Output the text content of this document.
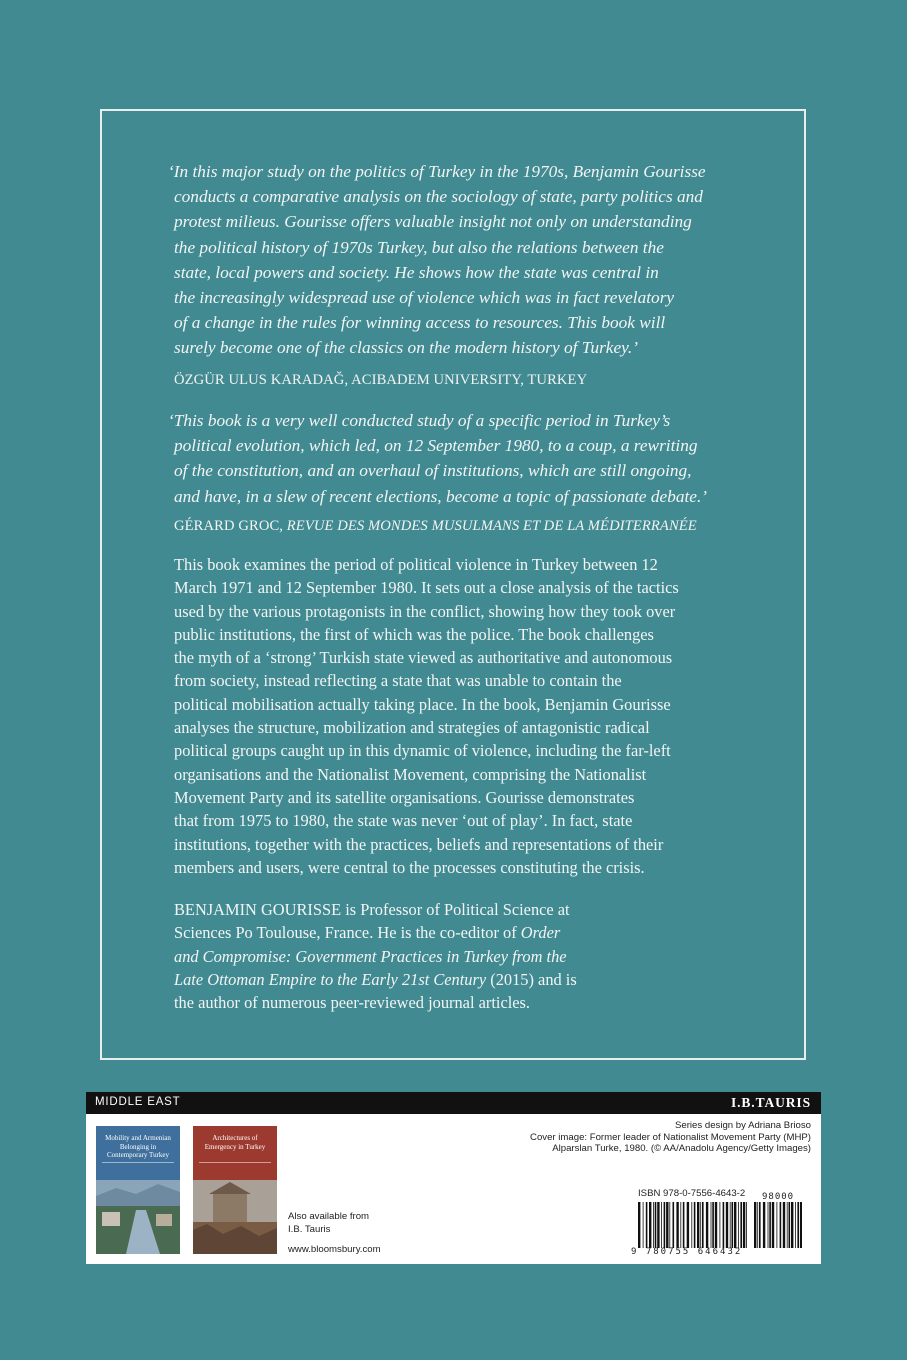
‘In this major study on the politics of Turkey in the 1970s, Benjamin Gourisse
conducts a comparative analysis on the sociology of state, party politics and
protest milieus. Gourisse offers valuable insight not only on understanding
the political history of 1970s Turkey, but also the relations between the
state, local powers and society. He shows how the state was central in
the increasingly widespread use of violence which was in fact revelatory
of a change in the rules for winning access to resources. This book will
surely become one of the classics on the modern history of Turkey.’
ÖZGÜR ULUS KARADAĞ, ACIBADEM UNIVERSITY, TURKEY
‘This book is a very well conducted study of a specific period in Turkey’s
political evolution, which led, on 12 September 1980, to a coup, a rewriting
of the constitution, and an overhaul of institutions, which are still ongoing,
and have, in a slew of recent elections, become a topic of passionate debate.’
GÉRARD GROC, REVUE DES MONDES MUSULMANS ET DE LA MÉDITERRANÉE
This book examines the period of political violence in Turkey between 12
March 1971 and 12 September 1980. It sets out a close analysis of the tactics
used by the various protagonists in the conflict, showing how they took over
public institutions, the first of which was the police. The book challenges
the myth of a ‘strong’ Turkish state viewed as authoritative and autonomous
from society, instead reflecting a state that was unable to contain the
political mobilisation actually taking place. In the book, Benjamin Gourisse
analyses the structure, mobilization and strategies of antagonistic radical
political groups caught up in this dynamic of violence, including the far-left
organisations and the Nationalist Movement, comprising the Nationalist
Movement Party and its satellite organisations. Gourisse demonstrates
that from 1975 to 1980, the state was never ‘out of play’. In fact, state
institutions, together with the practices, beliefs and representations of their
members and users, were central to the processes constituting the crisis.
BENJAMIN GOURISSE is Professor of Political Science at
Sciences Po Toulouse, France. He is the co-editor of Order
and Compromise: Government Practices in Turkey from the
Late Ottoman Empire to the Early 21st Century (2015) and is
the author of numerous peer-reviewed journal articles.
MIDDLE EAST	I.B.TAURIS
Mobility and Armenian Belonging in Contemporary Turkey
Architectures of Emergency in Turkey
Series design by Adriana Brioso
Cover image: Former leader of Nationalist Movement Party (MHP)
Alparslan Turke, 1980. (© AA/Anadolu Agency/Getty Images)
Also available from
I.B. Tauris
www.bloomsbury.com
ISBN 978-0-7556-4643-2 98000
9 780755 646432
